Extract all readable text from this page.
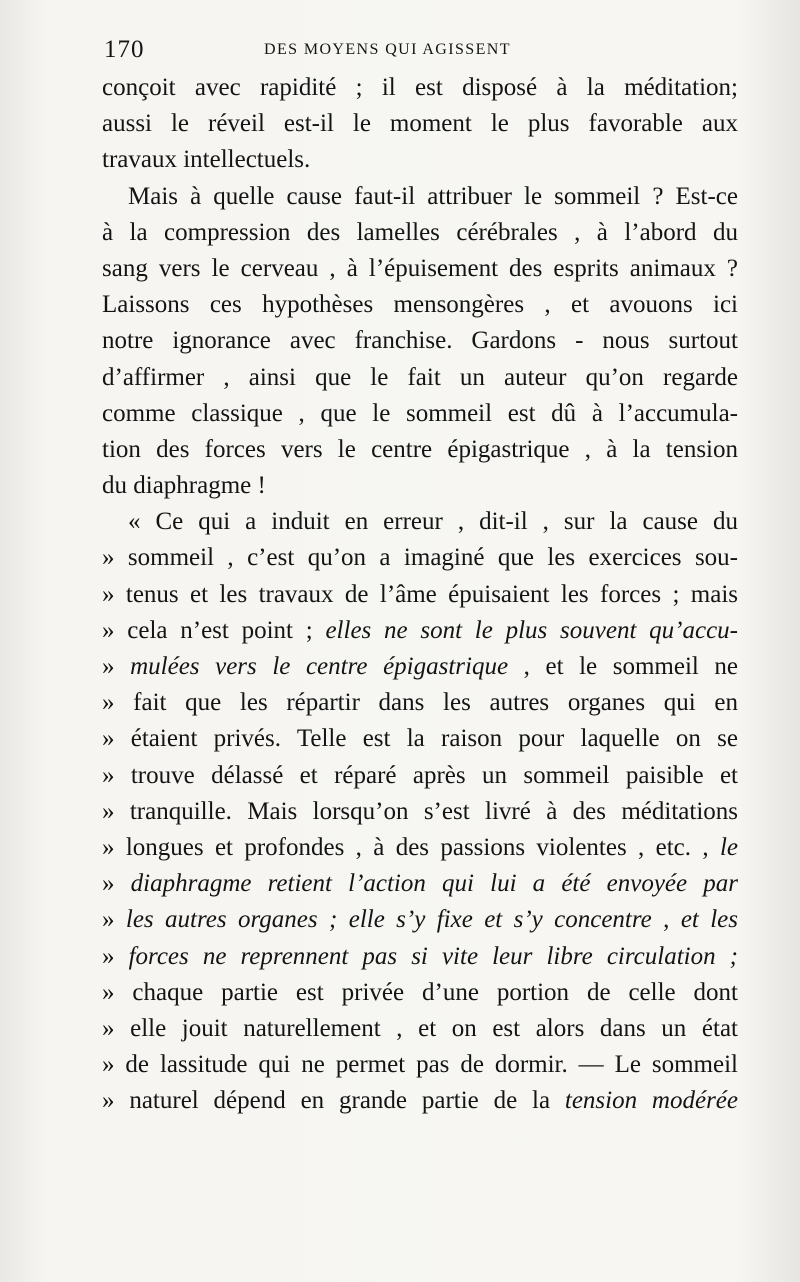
170	DES MOYENS QUI AGISSENT
conçoit avec rapidité ; il est disposé à la méditation;
aussi le réveil est-il le moment le plus favorable aux
travaux intellectuels.
Mais à quelle cause faut-il attribuer le sommeil ? Est-ce
à la compression des lamelles cérébrales , à l’abord du
sang vers le cerveau , à l’épuisement des esprits animaux ?
Laissons ces hypothèses mensongères , et avouons ici
notre ignorance avec franchise. Gardons - nous surtout
d’affirmer , ainsi que le fait un auteur qu’on regarde
comme classique , que le sommeil est dû à l’accumula-
tion des forces vers le centre épigastrique , à la tension
du diaphragme !
« Ce qui a induit en erreur , dit-il , sur la cause du
» sommeil , c’est qu’on a imaginé que les exercices sou-
» tenus et les travaux de l’âme épuisaient les forces ; mais
» cela n’est point ; elles ne sont le plus souvent qu’accu-
» mulées vers le centre épigastrique , et le sommeil ne
» fait que les répartir dans les autres organes qui en
» étaient privés. Telle est la raison pour laquelle on se
» trouve délassé et réparé après un sommeil paisible et
» tranquille. Mais lorsqu’on s’est livré à des méditations
» longues et profondes , à des passions violentes , etc. , le
» diaphragme retient l’action qui lui a été envoyée par
» les autres organes ; elle s’y fixe et s’y concentre , et les
» forces ne reprennent pas si vite leur libre circulation ;
» chaque partie est privée d’une portion de celle dont
» elle jouit naturellement , et on est alors dans un état
» de lassitude qui ne permet pas de dormir. — Le sommeil
» naturel dépend en grande partie de la tension modérée
